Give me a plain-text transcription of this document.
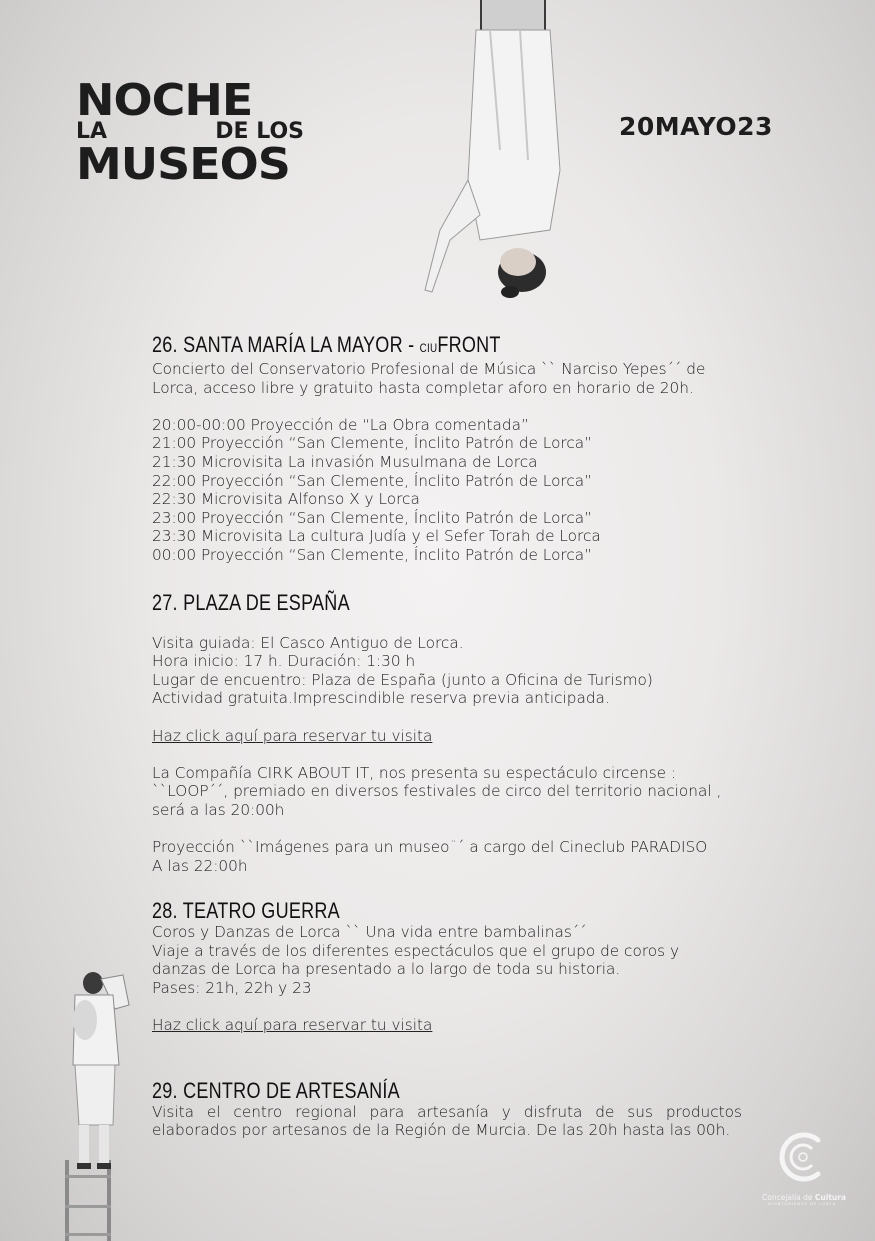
NOCHE
LA	DE LOS
MUSEOS
20MAYO23
26. SANTA MARÍA LA MAYOR - CIUFRONT

Concierto del Conservatorio Profesional de Música `` Narciso Yepes´´ de

Lorca, acceso libre y gratuito hasta completar aforo en horario de 20h.

20:00-00:00 Proyección de “La Obra comentada”

21:00 Proyección “San Clemente, Ínclito Patrón de Lorca”

21:30 Microvisita La invasión Musulmana de Lorca

22:00 Proyección “San Clemente, Ínclito Patrón de Lorca”

22:30 Microvisita Alfonso X y Lorca

23:00 Proyección “San Clemente, Ínclito Patrón de Lorca”

23:30 Microvisita La cultura Judía y el Sefer Torah de Lorca

00:00 Proyección “San Clemente, Ínclito Patrón de Lorca”

27. PLAZA DE ESPAÑA

Visita guiada: El Casco Antiguo de Lorca.

Hora inicio: 17 h. Duración: 1:30 h

Lugar de encuentro: Plaza de España (junto a Oficina de Turismo)

Actividad gratuita.Imprescindible reserva previa anticipada.

Haz click aquí para reservar tu visita

La Compañía CIRK ABOUT IT, nos presenta su espectáculo circense :

``LOOP´´, premiado en diversos festivales de circo del territorio nacional ,

será a las 20:00h

Proyección ``Imágenes para un museo¨´ a cargo del Cineclub PARADISO

A las 22:00h

28. TEATRO GUERRA

Coros y Danzas de Lorca `` Una vida entre bambalinas´´

Viaje a través de los diferentes espectáculos que el grupo de coros y

danzas de Lorca ha presentado a lo largo de toda su historia.

Pases: 21h, 22h y 23

Haz click aquí para reservar tu visita

29. CENTRO DE ARTESANÍA

Visita el centro regional para artesanía y disfruta de sus productos elaborados por artesanos de la Región de Murcia. De las 20h hasta las 00h.

Concejalía de Cultura
AYUNTAMIENTO DE LORCA
